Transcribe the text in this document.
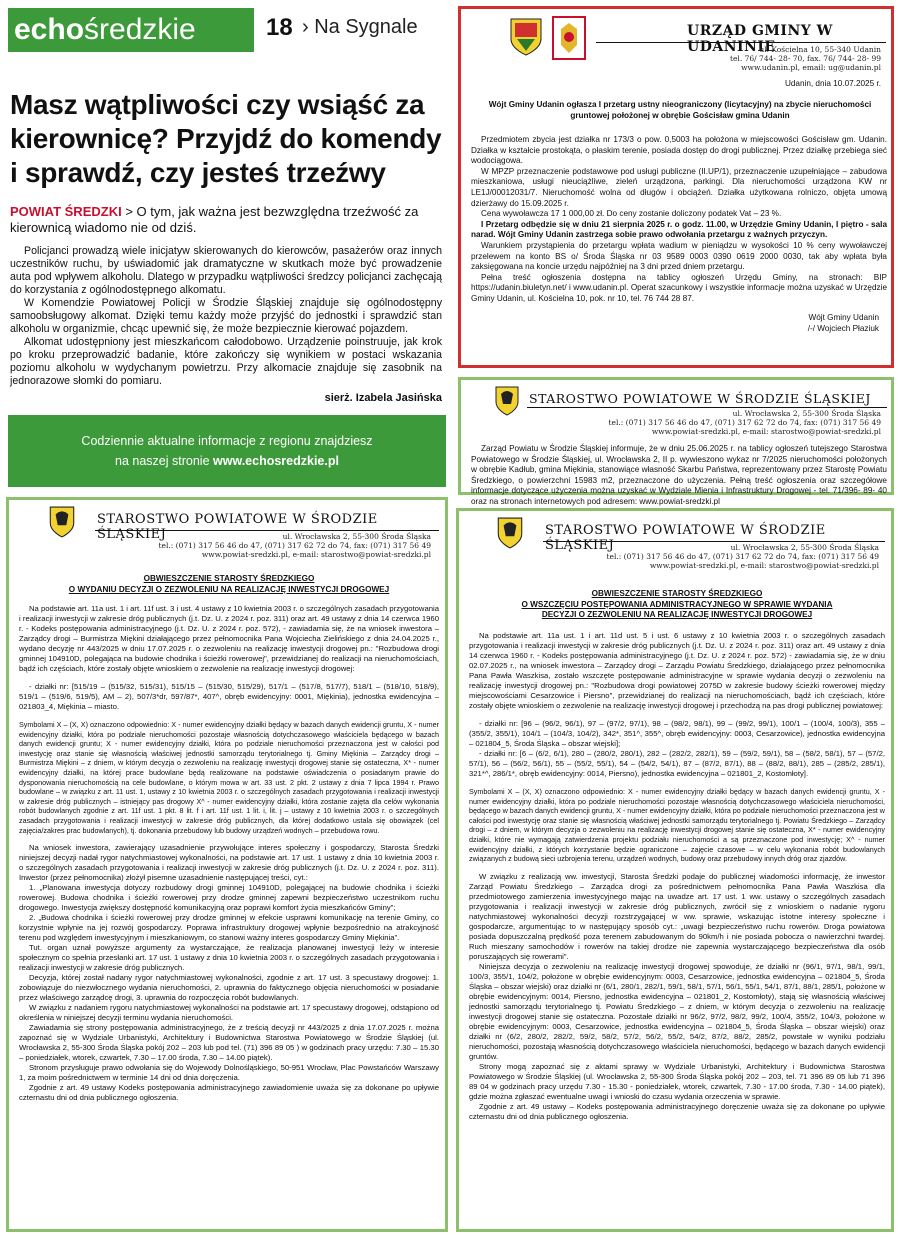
echośredzkie	18 › Na Sygnale
Masz wątpliwości czy wsiąść za kierownicę? Przyjdź do komendy i sprawdź, czy jesteś trzeźwy
POWIAT ŚREDZKI > O tym, jak ważna jest bezwzględna trzeźwość za kierownicą wiadomo nie od dziś.

Policjanci prowadzą wiele inicjatyw skierowanych do kierowców, pasażerów oraz innych uczestników ruchu, by uświadomić jak dramatyczne w skutkach może być prowadzenie auta pod wpływem alkoholu. Dlatego w przypadku wątpliwości średzcy policjanci zachęcają do korzystania z ogólnodostępnego alkomatu.

W Komendzie Powiatowej Policji w Środzie Śląskiej znajduje się ogólnodostępny samoobsługowy alkomat. Dzięki temu każdy może przyjść do jednostki i sprawdzić stan alkoholu w organizmie, chcąc upewnić się, że może bezpiecznie kierować pojazdem.

Alkomat udostępniony jest mieszkańcom całodobowo. Urządzenie poinstruuje, jak krok po kroku przeprowadzić badanie, które zakończy się wynikiem w postaci wskazania poziomu alkoholu w wydychanym powietrzu. Przy alkomacie znajduje się zasobnik na jednorazowe słomki do pomiaru.

sierż. Izabela Jasińska
Codziennie aktualne informacje z regionu znajdziesz
na naszej stronie www.echosredzkie.pl
URZĄD GMINY W UDANINIE
ul. Kościelna 10, 55-340 Udanin
tel. 76/ 744- 28- 70, fax. 76/ 744- 28- 99
www.udanin.pl, email: ug@udanin.pl
Udanin, dnia 10.07.2025 r.
Wójt Gminy Udanin ogłasza I przetarg ustny nieograniczony (licytacyjny) na zbycie nieruchomości gruntowej położonej w obrębie Gościsław gmina Udanin

Przedmiotem zbycia jest działka nr 173/3 o pow. 0,5003 ha położona w miejscowości Gościsław gm. Udanin. Działka w kształcie prostokąta, o płaskim terenie, posiada dostęp do drogi publicznej. Przez działkę przebiega sieć wodociągowa.

W MPZP przeznaczenie podstawowe pod usługi publiczne (II.UP/1), przeznaczenie uzupełniające – zabudowa mieszkaniowa, usługi nieuciążliwe, zieleń urządzona, parkingi. Dla nieruchomości urządzona KW nr LE1J/00012031/7. Nieruchomość wolna od długów i obciążeń. Działka użytkowana rolniczo, objęta umową dzierżawy do 15.09.2025 r.

Cena wywoławcza 17 1 000,00 zł. Do ceny zostanie doliczony podatek Vat – 23 %.

I Przetarg odbędzie się w dniu 21 sierpnia 2025 r. o godz. 11.00, w Urzędzie Gminy Udanin, I piętro - sala narad. Wójt Gminy Udanin zastrzega sobie prawo odwołania przetargu z ważnych przyczyn.

Warunkiem przystąpienia do przetargu wpłata wadium w pieniądzu w wysokości 10 % ceny wywoławczej przelewem na konto BS o/ Środa Śląska nr 03 9589 0003 0390 0619 2000 0030, tak aby wpłata była zaksięgowana na koncie urzędu najpóźniej na 3 dni przed dniem przetargu.

Pełna treść ogłoszenia dostępna na tablicy ogłoszeń Urzędu Gminy, na stronach: BIP https://udanin.biuletyn.net/ i www.udanin.pl. Operat szacunkowy i wszystkie informacje można uzyskać w Urzędzie Gminy Udanin, ul. Kościelna 10, pok. nr 10, tel. 76 744 28 87.

Wójt Gminy Udanin
/-/ Wojciech Płaziuk
STAROSTWO POWIATOWE W ŚRODZIE ŚLĄSKIEJ
ul. Wrocławska 2, 55-300 Środa Śląska
tel.: (071) 317 56 46 do 47, (071) 317 62 72 do 74, fax: (071) 317 56 49
www.powiat-sredzki.pl, e-mail: starostwo@powiat-sredzki.pl
Zarząd Powiatu w Środzie Śląskiej informuje, że w dniu 25.06.2025 r. na tablicy ogłoszeń tutejszego Starostwa Powiatowego w Środzie Śląskiej, ul. Wrocławska 2, II p. wywieszono wykaz nr 7/2025 nieruchomości położonych w obrębie Kadłub, gmina Miękinia, stanowiące własność Skarbu Państwa, reprezentowany przez Starostę Powiatu Średzkiego, o powierzchni 15983 m2, przeznaczone do użyczenia. Pełną treść ogłoszenia oraz szczegółowe informacje dotyczące użyczenia można uzyskać w Wydziale Mienia i Infrastruktury Drogowej - tel. 71/396- 89- 40 oraz na stronach internetowych pod adresem: www.powiat-sredzki.pl
STAROSTWO POWIATOWE W ŚRODZIE ŚLĄSKIEJ	ul. Wrocławska 2, 55-300 Środa Śląska
tel.: (071) 317 56 46 do 47, (071) 317 62 72 do 74, fax: (071) 317 56 49
www.powiat-sredzki.pl, e-mail: starostwo@powiat-sredzki.pl
OBWIESZCZENIE STAROSTY ŚREDZKIEGO
O WYDANIU DECYZJI O ZEZWOLENIU NA REALIZACJĘ INWESTYCJI DROGOWEJ

Na podstawie art. 11a ust. 1 i art. 11f ust. 3 i ust. 4 ustawy z 10 kwietnia 2003 r. o szczególnych zasadach przygotowania i realizacji inwestycji w zakresie dróg publicznych (j.t. Dz. U. z 2024 r. poz. 311) oraz art. 49 ustawy z dnia 14 czerwca 1960 r. - Kodeks postępowania administracyjnego (j.t. Dz. U. z 2024 r. poz. 572), - zawiadamia się, że na wniosek inwestora – Zarządcy drogi – Burmistrza Miękini działającego przez pełnomocnika Pana Wojciecha Zielińskiego z dnia 24.04.2025 r., wydano decyzję nr 443/2025 w dniu 17.07.2025 r. o zezwoleniu na realizację inwestycji drogowej pn.: "Rozbudowa drogi gminnej 104910D, polegająca na budowie chodnika i ścieżki rowerowej", przewidzianej do realizacji na nieruchomościach, bądź ich częściach, które zostały objęte wnioskiem o zezwolenie na realizację inwestycji drogowej:

- działki nr: [515/19 – (515/32, 515/31), 515/15 – (515/30, 515/29), 517/1 – (517/8, 517/7), 518/1 – (518/10, 518/9), 519/1 – (519/6, 519/5), AM – 2), 507/3*dr, 597/87*, 407^, obręb ewidencyjny: 0001, Miękinia), jednostka ewidencyjna – 021803_4, Miękinia – miasto.

Symbolami X – (X, X) oznaczono odpowiednio: X - numer ewidencyjny działki będący w bazach danych ewidencji gruntu, X - numer ewidencyjny działki, która po podziale nieruchomości pozostaje własnością dotychczasowego właściciela będącego w bazach danych ewidencji gruntu; X - numer ewidencyjny działki, która po podziale nieruchomości przeznaczona jest w całości pod inwestycję oraz stanie się własnością właściwej jednostki samorządu terytorialnego tj. Gminy Miękinia – Zarządcy drogi – Burmistrza Miękini – z dniem, w którym decyzja o zezwoleniu na realizację inwestycji drogowej stanie się ostateczna, X* - numer ewidencyjny działki, na której prace budowlane będą realizowane na podstawie oświadczenia o posiadanym prawie do dysponowania nieruchomością na cele budowlane, o którym mowa w art. 33 ust. 2 pkt. 2 ustawy z dnia 7 lipca 1994 r. Prawo budowlane – w związku z art. 11 ust. 1, ustawy z 10 kwietnia 2003 r. o szczególnych zasadach przygotowania i realizacji inwestycji w zakresie dróg publicznych – istniejący pas drogowy X^ - numer ewidencyjny działki, która zostanie zajęta dla celów wykonania robót budowlanych zgodnie z art. 11f ust. 1 pkt. 8 lit. f i art. 11f ust. 1 lit. i, lit. j – ustawy z 10 kwietnia 2003 r. o szczególnych zasadach przygotowania i realizacji inwestycji w zakresie dróg publicznych, dla której dodatkowo ustala się obowiązek (cel zajęcia/zakres prac budowlanych), tj. dokonania przebudowy lub budowy urządzeń wodnych – przebudowa rowu.

Na wniosek inwestora, zawierający uzasadnienie przywołujące interes społeczny i gospodarczy, Starosta Średzki niniejszej decyzji nadał rygor natychmiastowej wykonalności, na podstawie art. 17 ust. 1 ustawy z dnia 10 kwietnia 2003 r. o szczególnych zasadach przygotowania i realizacji inwestycji w zakresie dróg publicznych (j.t. Dz. U. z 2024 r. poz. 311). Inwestor (przez pełnomocnika) złożył pisemne uzasadnienie następującej treści, cyt.:

1. „Planowana inwestycja dotyczy rozbudowy drogi gminnej 104910D, polegającej na budowie chodnika i ścieżki rowerowej. Budowa chodnika i ścieżki rowerowej przy drodze gminnej zapewni bezpieczeństwo uczestnikom ruchu drogowego. Inwestycja zwiększy dostępność komunikacyjną oraz poprawi komfort życia mieszkańców Gminy”;

2. „Budowa chodnika i ścieżki rowerowej przy drodze gminnej w efekcie usprawni komunikację na terenie Gminy, co korzystnie wpłynie na jej rozwój gospodarczy. Poprawa infrastruktury drogowej wpłynie bezpośrednio na atrakcyjność terenu pod względem inwestycyjnym i mieszkaniowym, co stanowi ważny interes gospodarczy Gminy Miękinia”.

Tut. organ uznał powyższe argumenty za wystarczające, że realizacja planowanej inwestycji leży w interesie społecznym co spełnia przesłanki art. 17 ust. 1 ustawy z dnia 10 kwietnia 2003 r. o szczególnych zasadach przygotowania i realizacji inwestycji w zakresie dróg publicznych.

Decyzja, której został nadany rygor natychmiastowej wykonalności, zgodnie z art. 17 ust. 3 specustawy drogowej: 1. zobowiązuje do niezwłocznego wydania nieruchomości, 2. uprawnia do faktycznego objęcia nieruchomości w posiadanie przez właściwego zarządcę drogi, 3. uprawnia do rozpoczęcia robót budowlanych.

W związku z nadaniem rygoru natychmiastowej wykonalności na podstawie art. 17 specustawy drogowej, odstąpiono od określenia w niniejszej decyzji terminu wydania nieruchomości.

Zawiadamia się strony postępowania administracyjnego, że z treścią decyzji nr 443/2025 z dnia 17.07.2025 r. można zapoznać się w Wydziale Urbanistyki, Architektury i Budownictwa Starostwa Powiatowego w Środzie Śląskiej (ul. Wrocławska 2, 55-300 Środa Śląska pokój 202 – 203 lub pod tel. (71) 396 89 05 ) w godzinach pracy urzędu: 7.30 – 15.30 – poniedziałek, wtorek, czwartek, 7.30 – 17.00 środa, 7.30 – 14.00 piątek).

Stronom przysługuje prawo odwołania się do Wojewody Dolnośląskiego, 50-951 Wrocław, Plac Powstańców Warszawy 1, za moim pośrednictwem w terminie 14 dni od dnia doręczenia.

Zgodnie z art. 49 ustawy Kodeks postępowania administracyjnego zawiadomienie uważa się za dokonane po upływie czternastu dni od dnia publicznego ogłoszenia.

STAROSTWO POWIATOWE W ŚRODZIE ŚLĄSKIEJ	ul. Wrocławska 2, 55-300 Środa Śląska
tel.: (071) 317 56 46 do 47, (071) 317 62 72 do 74, fax: (071) 317 56 49
www.powiat-sredzki.pl, e-mail: starostwo@powiat-sredzki.pl
OBWIESZCZENIE STAROSTY ŚREDZKIEGO
O WSZCZĘCIU POSTĘPOWANIA ADMINISTRACYJNEGO W SPRAWIE WYDANIA
DECYZJI O ZEZWOLENIU NA REALIZACJĘ INWESTYCJI DROGOWEJ

Na podstawie art. 11a ust. 1 i art. 11d ust. 5 i ust. 6 ustawy z 10 kwietnia 2003 r. o szczególnych zasadach przygotowania i realizacji inwestycji w zakresie dróg publicznych (j.t. Dz. U. z 2024 r. poz. 311) oraz art. 49 ustawy z dnia 14 czerwca 1960 r. - Kodeks postępowania administracyjnego (j.t. Dz. U. z 2024 r. poz. 572) - zawiadamia się, że w dniu 02.07.2025 r., na wniosek inwestora – Zarządcy drogi – Zarządu Powiatu Średzkiego, działającego przez pełnomocnika Pana Pawła Waszkisa, zostało wszczęte postępowanie administracyjne w sprawie wydania decyzji o zezwoleniu na realizację inwestycji drogowej pn.: "Rozbudowa drogi powiatowej 2075D w zakresie budowy ścieżki rowerowej między miejscowościami Cesarzowice i Piersno", przewidzianej do realizacji na nieruchomościach, bądź ich częściach, które zostały objęte wnioskiem o zezwolenie na realizację inwestycji drogowej i przechodzą na pas drogi publicznej powiatowej:

- działki nr: [96 – (96/2, 96/1), 97 – (97/2, 97/1), 98 – (98/2, 98/1), 99 – (99/2, 99/1), 100/1 – (100/4, 100/3), 355 – (355/2, 355/1), 104/1 – (104/3, 104/2), 342*, 351^, 355^, obręb ewidencyjny: 0003, Cesarzowice), jednostka ewidencyjna – 021804_5, Środa Śląska – obszar wiejski];

- działki nr: [6 – (6/2, 6/1), 280 – (280/2, 280/1), 282 – (282/2, 282/1), 59 – (59/2, 59/1), 58 – (58/2, 58/1), 57 – (57/2, 57/1), 56 – (56/2, 56/1), 55 – (55/2, 55/1), 54 – (54/2, 54/1), 87 – (87/2, 87/1), 88 – (88/2, 88/1), 285 – (285/2, 285/1), 321*^, 286/1*, obręb ewidencyjny: 0014, Piersno), jednostka ewidencyjna – 021801_2, Kostomłoty].

Symbolami X – (X, X) oznaczono odpowiednio: X - numer ewidencyjny działki będący w bazach danych ewidencji gruntu, X - numer ewidencyjny działki, która po podziale nieruchomości pozostaje własnością dotychczasowego właściciela nieruchomości, będącego w bazach danych ewidencji gruntu, X - numer ewidencyjny działki, która po podziale nieruchomości przeznaczona jest w całości pod inwestycję oraz stanie się własnością właściwej jednostki samorządu terytorialnego tj. Powiatu Średzkiego – Zarządcy drogi – z dniem, w którym decyzja o zezwoleniu na realizację inwestycji drogowej stanie się ostateczna, X* - numer ewidencyjny działki, które nie wymagają zatwierdzenia projektu podziału nieruchomości a są przeznaczone pod inwestycję; X^ - numer ewidencyjny działki, z których korzystanie będzie ograniczone – zajęcie czasowe – w celu wykonania robót budowlanych związanych z budową sieci uzbrojenia terenu, urządzeń wodnych, budowy oraz przebudowy innych dróg oraz zjazdów.

W związku z realizacją ww. inwestycji, Starosta Średzki podaje do publicznej wiadomości informację, że inwestor Zarząd Powiatu Średzkiego – Zarządca drogi za pośrednictwem pełnomocnika Pana Pawła Waszkisa dla przedmiotowego zamierzenia inwestycyjnego mając na uwadze art. 17 ust. 1 ww. ustawy o szczególnych zasadach przygotowania i realizacji inwestycji w zakresie dróg publicznych, zwrócił się z wnioskiem o nadanie rygoru natychmiastowej wykonalności decyzji rozstrzygającej w ww. sprawie, wskazując istotne interesy społeczne i gospodarcze, argumentując to w następujący sposób cyt.: „uwagi bezpieczeństwo ruchu rowerów. Droga powiatowa posiada dopuszczalną prędkość poza terenem zabudowanym do 90km/h i nie posiada pobocza o nawierzchni twardej. Ruch mieszany samochodów i rowerów na takiej drodze nie zapewnia wystarczającego bezpieczeństwa dla osób poruszających się rowerami”.

Niniejsza decyzja o zezwoleniu na realizację inwestycji drogowej spowoduje, że działki nr (96/1, 97/1, 98/1, 99/1, 100/3, 355/1, 104/2, położone w obrębie ewidencyjnym: 0003, Cesarzowice, jednostka ewidencyjna – 021804_5, Środa Śląska – obszar wiejski) oraz działki nr (6/1, 280/1, 282/1, 59/1, 58/1, 57/1, 56/1, 55/1, 54/1, 87/1, 88/1, 285/1, położone w obrębie ewidencyjnym: 0014, Piersno, jednostka ewidencyjna – 021801_2, Kostomłoty), stają się własnością właściwej jednostki samorządu terytorialnego tj. Powiatu Średzkiego – z dniem, w którym decyzja o zezwoleniu na realizację inwestycji drogowej stanie się ostateczna. Pozostałe działki nr 96/2, 97/2, 98/2, 99/2, 100/4, 355/2, 104/3, położone w obrębie ewidencyjnym: 0003, Cesarzowice, jednostka ewidencyjna – 021804_5, Środa Śląska – obszar wiejski) oraz działki nr (6/2, 280/2, 282/2, 59/2, 58/2, 57/2, 56/2, 55/2, 54/2, 87/2, 88/2, 285/2, powstałe w wyniku podziału nieruchomości, pozostają własnością dotychczasowego właściciela nieruchomości, będącego w bazach danych ewidencji gruntów.

Strony mogą zapoznać się z aktami sprawy w Wydziale Urbanistyki, Architektury i Budownictwa Starostwa Powiatowego w Środzie Śląskiej (ul. Wrocławska 2, 55-300 Środa Śląska pokój 202 – 203, tel. 71 396 89 05 lub 71 396 89 04 w godzinach pracy urzędu 7.30 - 15.30 - poniedziałek, wtorek, czwartek, 7.30 - 17.00 środa, 7.30 - 14.00 piątek), gdzie można zgłaszać ewentualne uwagi i wnioski do czasu wydania orzeczenia w sprawie.

Zgodnie z art. 49 ustawy – Kodeks postępowania administracyjnego doręczenie uważa się za dokonane po upływie czternastu dni od dnia publicznego ogłoszenia.
